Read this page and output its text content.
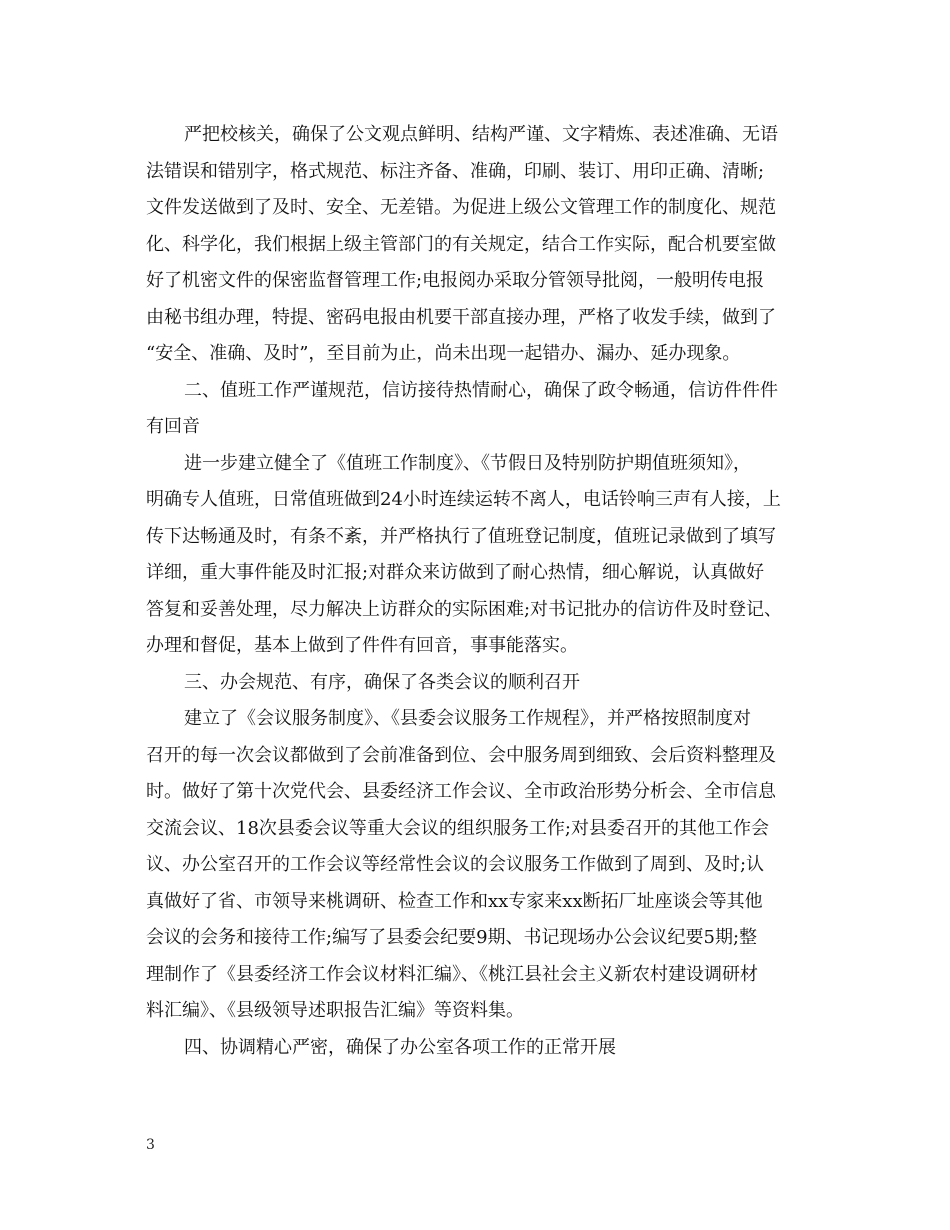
严把校核关，确保了公文观点鲜明、结构严谨、文字精炼、表述准确、无语
法错误和错别字，格式规范、标注齐备、准确，印刷、装订、用印正确、清晰;
文件发送做到了及时、安全、无差错。为促进上级公文管理工作的制度化、规范
化、科学化，我们根据上级主管部门的有关规定，结合工作实际，配合机要室做
好了机密文件的保密监督管理工作;电报阅办采取分管领导批阅，一般明传电报
由秘书组办理，特提、密码电报由机要干部直接办理，严格了收发手续，做到了
“安全、准确、及时”，至目前为止，尚未出现一起错办、漏办、延办现象。
二、值班工作严谨规范，信访接待热情耐心，确保了政令畅通，信访件件件
有回音
进一步建立健全了《值班工作制度》、《节假日及特别防护期值班须知》，
明确专人值班，日常值班做到24小时连续运转不离人，电话铃响三声有人接，上
传下达畅通及时，有条不紊，并严格执行了值班登记制度，值班记录做到了填写
详细，重大事件能及时汇报;对群众来访做到了耐心热情，细心解说，认真做好
答复和妥善处理，尽力解决上访群众的实际困难;对书记批办的信访件及时登记、
办理和督促，基本上做到了件件有回音，事事能落实。
三、办会规范、有序，确保了各类会议的顺利召开
建立了《会议服务制度》、《县委会议服务工作规程》，并严格按照制度对
召开的每一次会议都做到了会前准备到位、会中服务周到细致、会后资料整理及
时。做好了第十次党代会、县委经济工作会议、全市政治形势分析会、全市信息
交流会议、18次县委会议等重大会议的组织服务工作;对县委召开的其他工作会
议、办公室召开的工作会议等经常性会议的会议服务工作做到了周到、及时;认
真做好了省、市领导来桃调研、检查工作和xx专家来xx断拓厂址座谈会等其他
会议的会务和接待工作;编写了县委会纪要9期、书记现场办公会议纪要5期;整
理制作了《县委经济工作会议材料汇编》、《桃江县社会主义新农村建设调研材
料汇编》、《县级领导述职报告汇编》等资料集。
四、协调精心严密，确保了办公室各项工作的正常开展
3
